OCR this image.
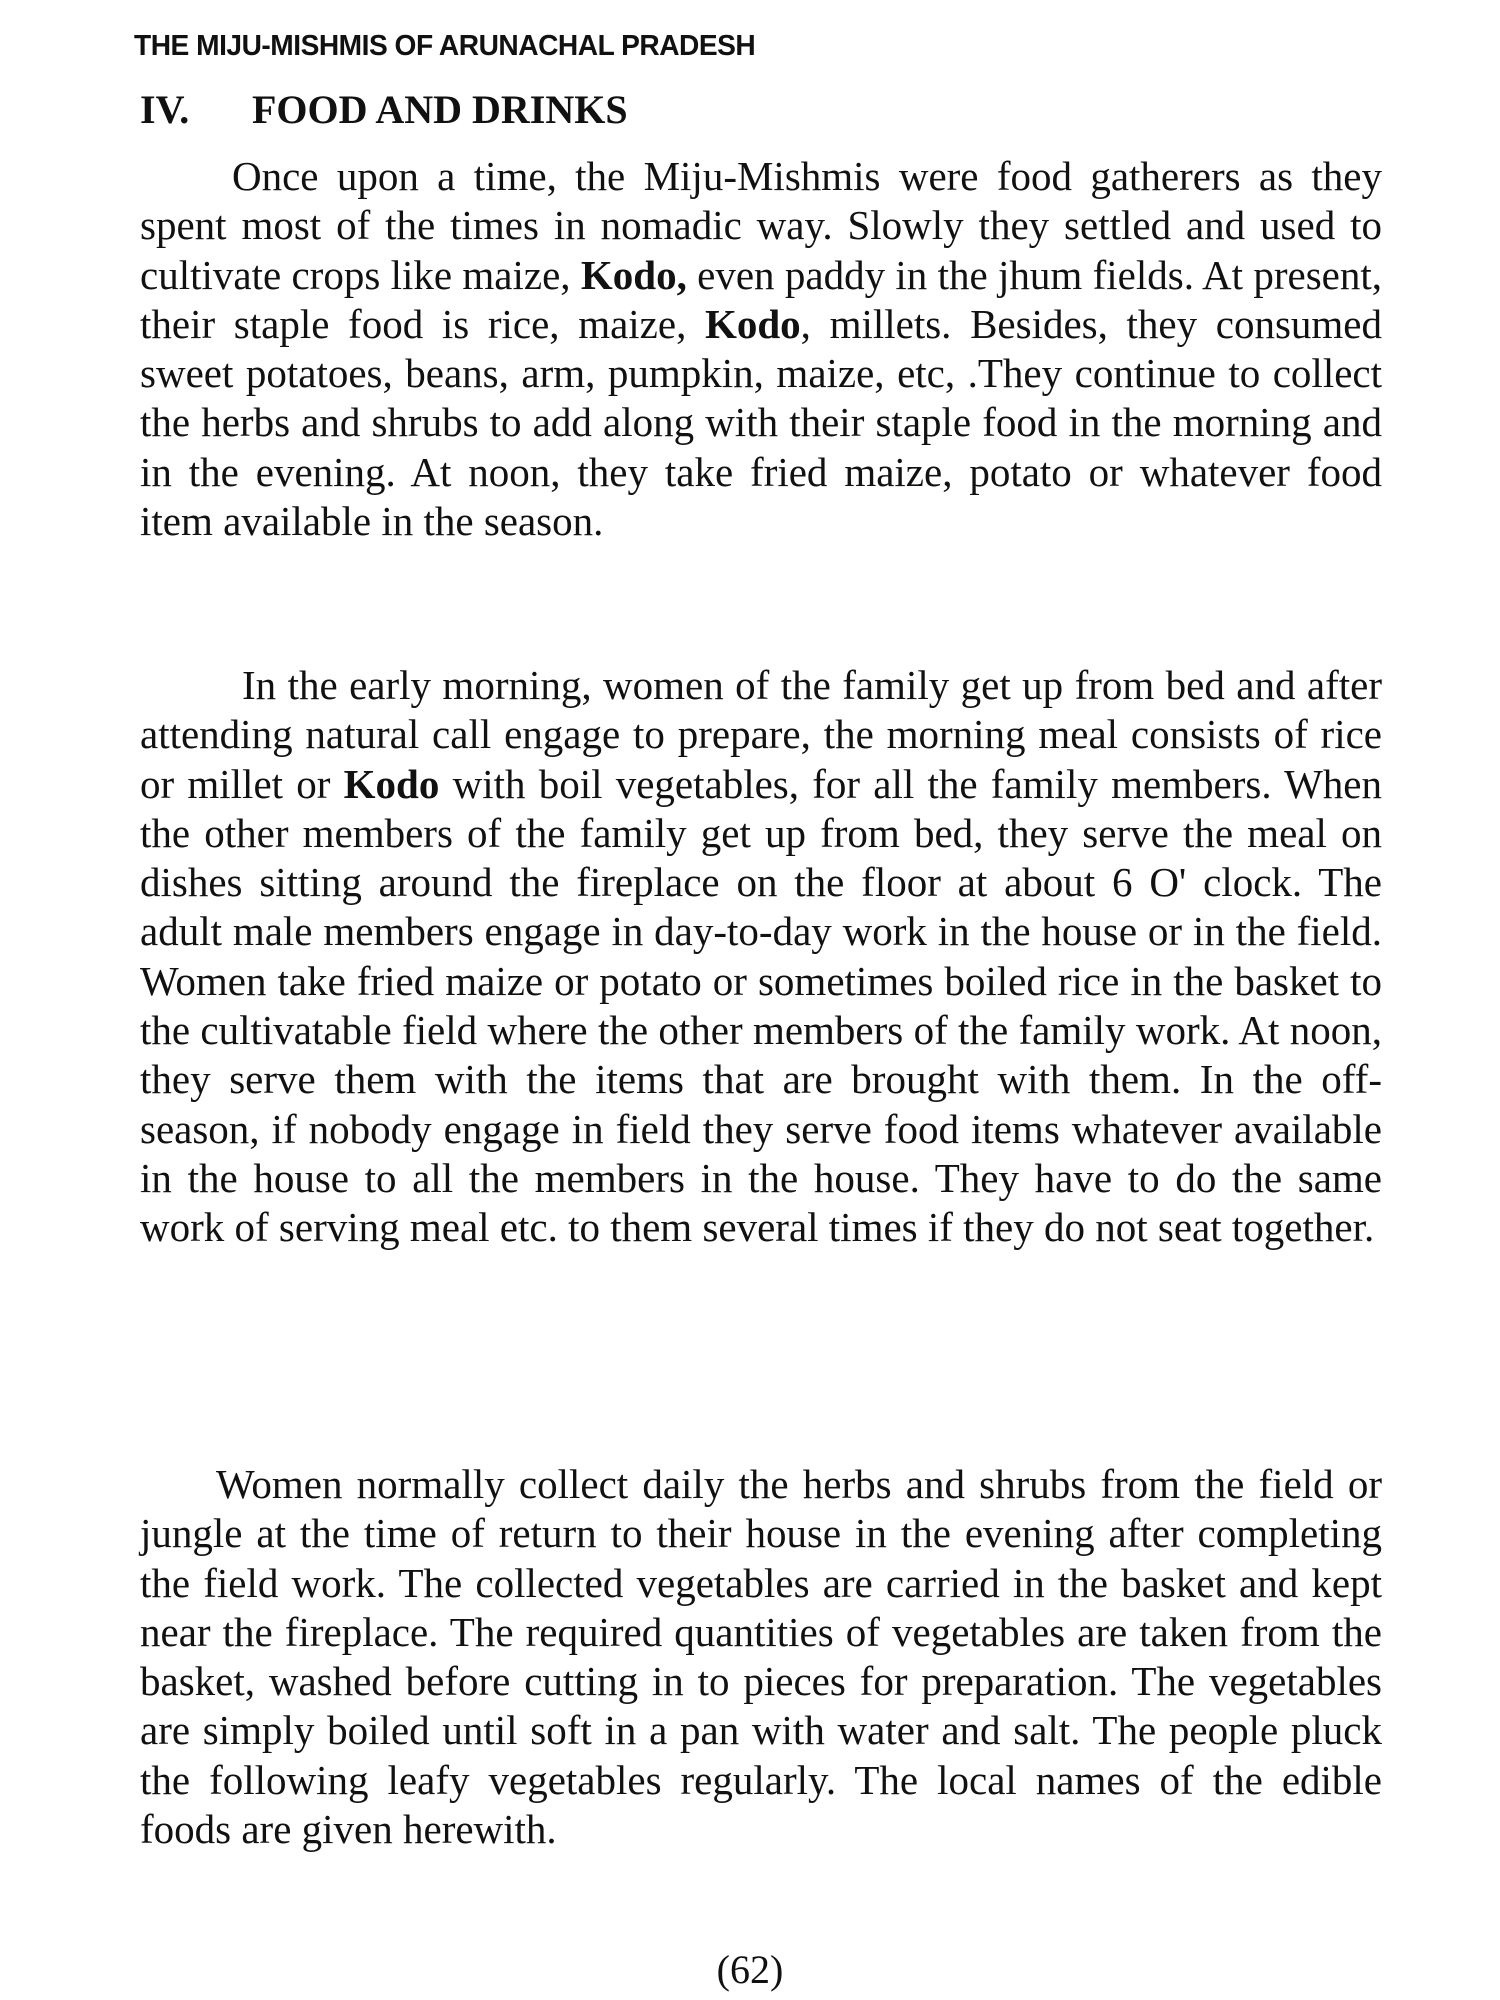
THE MIJU-MISHMIS OF ARUNACHAL PRADESH
IV. FOOD AND DRINKS

Once upon a time, the Miju-Mishmis were food gatherers as they spent most of the times in nomadic way. Slowly they settled and used to cultivate crops like maize, Kodo, even paddy in the jhum fields. At present, their staple food is rice, maize, Kodo, millets. Besides, they consumed sweet potatoes, beans, arm, pumpkin, maize, etc, .They continue to collect the herbs and shrubs to add along with their staple food in the morning and in the evening. At noon, they take fried maize, potato or whatever food item available in the season.

In the early morning, women of the family get up from bed and after attending natural call engage to prepare, the morning meal consists of rice or millet or Kodo with boil vegetables, for all the family members. When the other members of the family get up from bed, they serve the meal on dishes sitting around the fireplace on the floor at about 6 O' clock. The adult male members engage in day-to-day work in the house or in the field. Women take fried maize or potato or sometimes boiled rice in the basket to the cultivatable field where the other members of the family work. At noon, they serve them with the items that are brought with them. In the off-season, if nobody engage in field they serve food items whatever available in the house to all the members in the house. They have to do the same work of serving meal etc. to them several times if they do not seat together.

Women normally collect daily the herbs and shrubs from the field or jungle at the time of return to their house in the evening after completing the field work. The collected vegetables are carried in the basket and kept near the fireplace. The required quantities of vegetables are taken from the basket, washed before cutting in to pieces for preparation. The vegetables are simply boiled until soft in a pan with water and salt. The people pluck the following leafy vegetables regularly. The local names of the edible foods are given herewith.

(62)
